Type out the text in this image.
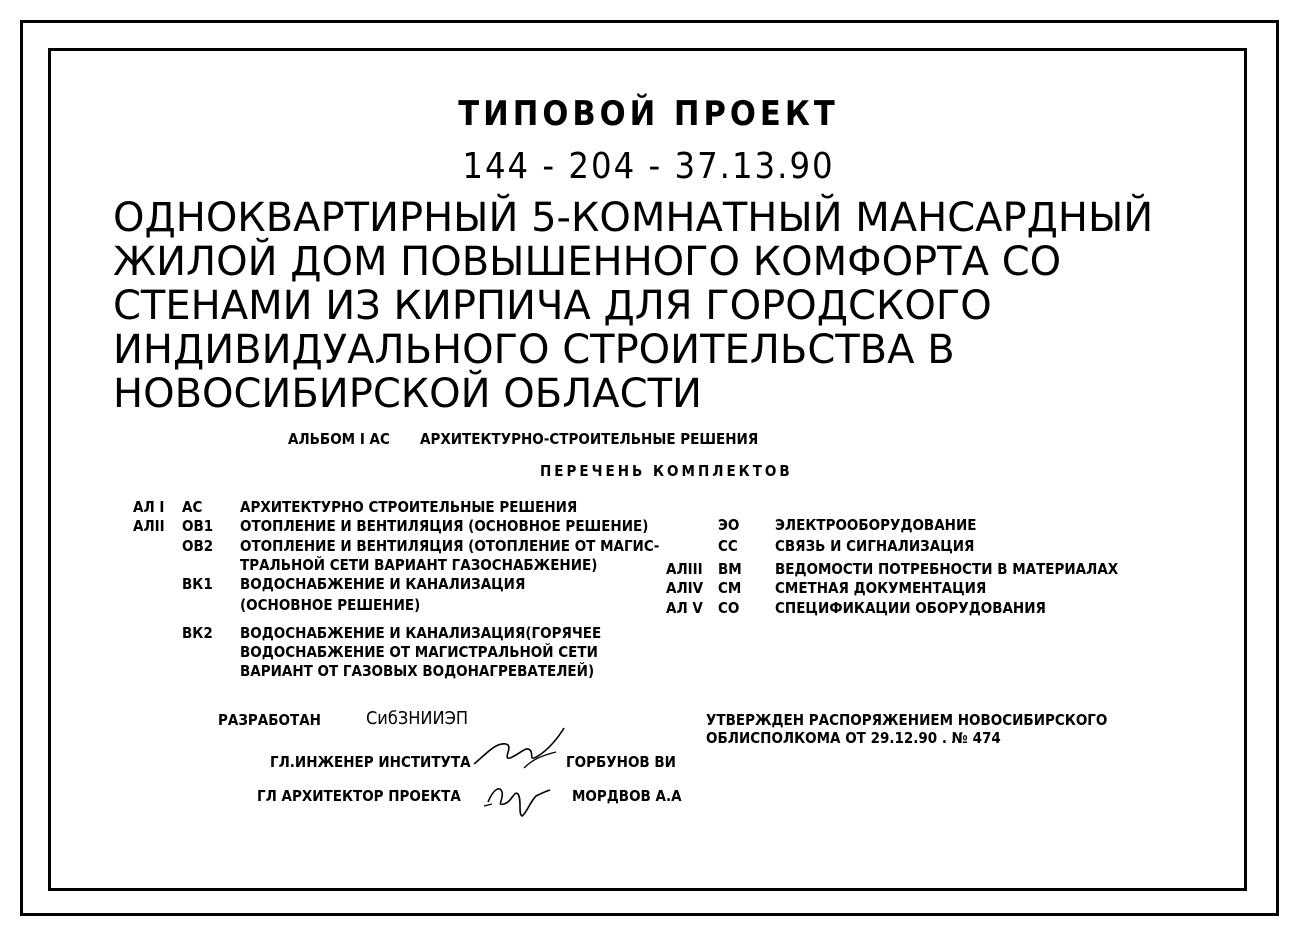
ТИПОВОЙ ПРОЕКТ
144 - 204 - 37.13.90
ОДНОКВАРТИРНЫЙ 5-КОМНАТНЫЙ МАНСАРДНЫЙ
ЖИЛОЙ ДОМ ПОВЫШЕННОГО КОМФОРТА СО
СТЕНАМИ ИЗ КИРПИЧА ДЛЯ ГОРОДСКОГО
ИНДИВИДУАЛЬНОГО СТРОИТЕЛЬСТВА В
НОВОСИБИРСКОЙ ОБЛАСТИ
АЛЬБОМ I АС АРХИТЕКТУРНО-СТРОИТЕЛЬНЫЕ РЕШЕНИЯ
ПЕРЕЧЕНЬ КОМПЛЕКТОВ
АЛ I АС	АРХИТЕКТУРНО СТРОИТЕЛЬНЫЕ РЕШЕНИЯ
АЛII ОВ1 ОТОПЛЕНИЕ И ВЕНТИЛЯЦИЯ (ОСНОВНОЕ РЕШЕНИЕ)
ОВ2 ОТОПЛЕНИЕ И ВЕНТИЛЯЦИЯ (ОТОПЛЕНИЕ ОТ МАГИС-
ТРАЛЬНОЙ СЕТИ ВАРИАНТ ГАЗОСНАБЖЕНИЕ)
ВК1 ВОДОСНАБЖЕНИЕ И КАНАЛИЗАЦИЯ
(ОСНОВНОЕ РЕШЕНИЕ)
ВК2 ВОДОСНАБЖЕНИЕ И КАНАЛИЗАЦИЯ(ГОРЯЧЕЕ
ВОДОСНАБЖЕНИЕ ОТ МАГИСТРАЛЬНОЙ СЕТИ
ВАРИАНТ ОТ ГАЗОВЫХ ВОДОНАГРЕВАТЕЛЕЙ)
ЭО ЭЛЕКТРООБОРУДОВАНИЕ
СС СВЯЗЬ И СИГНАЛИЗАЦИЯ
АЛIII ВМ ВЕДОМОСТИ ПОТРЕБНОСТИ В МАТЕРИАЛАХ
АЛIV СМ СМЕТНАЯ ДОКУМЕНТАЦИЯ
АЛ V СО СПЕЦИФИКАЦИИ ОБОРУДОВАНИЯ
РАЗРАБОТАН	СибЗНИИЭП	УТВЕРЖДЕН РАСПОРЯЖЕНИЕМ НОВОСИБИРСКОГО
ОБЛИСПОЛКОМА ОТ 29.12.90 . № 474
ГЛ.ИНЖЕНЕР ИНСТИТУТА	ГОРБУНОВ ВИ
ГЛ АРХИТЕКТОР ПРОЕКТА	МОРДВОВ А.А
